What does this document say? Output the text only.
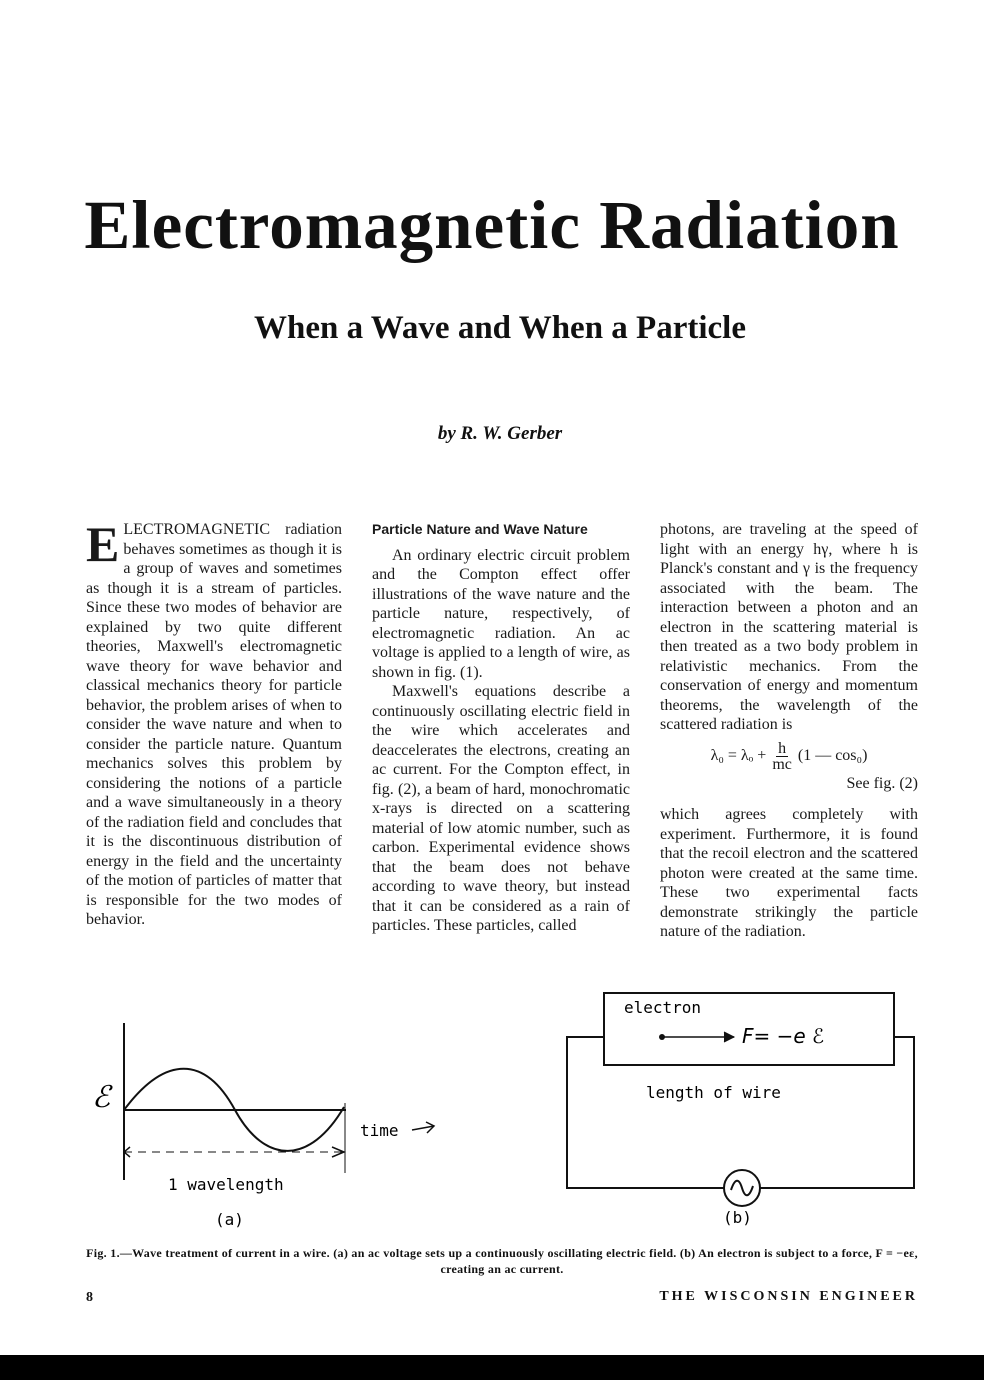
Electromagnetic Radiation
When a Wave and When a Particle
by R. W. Gerber

ELECTROMAGNETIC radiation behaves sometimes as though it is a group of waves and sometimes as though it is a stream of particles. Since these two modes of behavior are explained by two quite different theories, Maxwell's electromagnetic wave theory for wave behavior and classical mechanics theory for particle behavior, the problem arises of when to consider the wave nature and when to consider the particle nature. Quantum mechanics solves this problem by considering the notions of a particle and a wave simultaneously in a theory of the radiation field and concludes that it is the discontinuous distribution of energy in the field and the uncertainty of the motion of particles of matter that is responsible for the two modes of behavior.

Particle Nature and Wave Nature

An ordinary electric circuit problem and the Compton effect offer illustrations of the wave nature and the particle nature, respectively, of electromagnetic radiation. An ac voltage is applied to a length of wire, as shown in fig. (1).

Maxwell's equations describe a continuously oscillating electric field in the wire which accelerates and deaccelerates the electrons, creating an ac current. For the Compton effect, in fig. (2), a beam of hard, monochromatic x-rays is directed on a scattering material of low atomic number, such as carbon. Experimental evidence shows that the beam does not behave according to wave theory, but instead that it can be considered as a rain of particles. These particles, called

photons, are traveling at the speed of light with an energy hγ, where h is Planck's constant and γ is the frequency associated with the beam. The interaction between a photon and an electron in the scattering material is then treated as a two body problem in relativistic mechanics. From the conservation of energy and momentum theorems, the wavelength of the scattered radiation is

$\lambda_0 = \lambda_o + \frac{h}{mc} (1$ — cos₀)

See fig. (2)

which agrees completely with experiment. Furthermore, it is found that the recoil electron and the scattered photon were created at the same time. These two experimental facts demonstrate strikingly the particle nature of the radiation.

ℰ
time
1 wavelength
(a)
electron
F= −e ℰ
length of wire
(b)
Fig. 1.—Wave treatment of current in a wire. (a) an ac voltage sets up a continuously oscillating electric field. (b) An electron is subject to a force, F = −eε, creating an ac current.
8	THE WISCONSIN ENGINEER
